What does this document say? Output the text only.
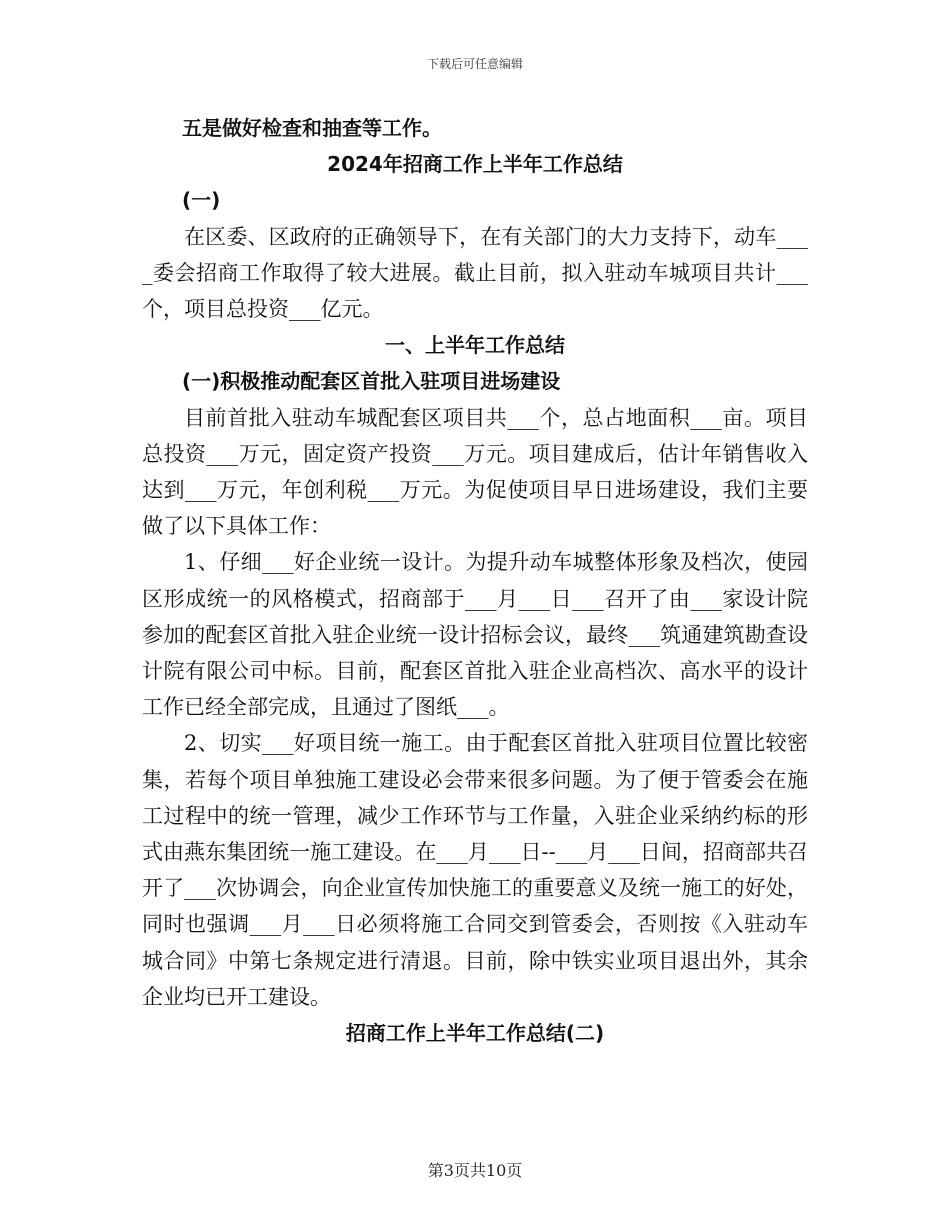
下载后可任意编辑

五是做好检查和抽查等工作。

2024年招商工作上半年工作总结

(一)

在区委、区政府的正确领导下，在有关部门的大力支持下，动车____委会招商工作取得了较大进展。截止目前，拟入驻动车城项目共计___个，项目总投资___亿元。

一、上半年工作总结

(一)积极推动配套区首批入驻项目进场建设

目前首批入驻动车城配套区项目共___个，总占地面积___亩。项目总投资___万元，固定资产投资___万元。项目建成后，估计年销售收入达到___万元，年创利税___万元。为促使项目早日进场建设，我们主要做了以下具体工作：

1、仔细___好企业统一设计。为提升动车城整体形象及档次，使园区形成统一的风格模式，招商部于___月___日___召开了由___家设计院参加的配套区首批入驻企业统一设计招标会议，最终___筑通建筑勘查设计院有限公司中标。目前，配套区首批入驻企业高档次、高水平的设计工作已经全部完成，且通过了图纸___。

2、切实___好项目统一施工。由于配套区首批入驻项目位置比较密集，若每个项目单独施工建设必会带来很多问题。为了便于管委会在施工过程中的统一管理，减少工作环节与工作量，入驻企业采纳约标的形式由燕东集团统一施工建设。在___月___日--___月___日间，招商部共召开了___次协调会，向企业宣传加快施工的重要意义及统一施工的好处，同时也强调___月___日必须将施工合同交到管委会，否则按《入驻动车城合同》中第七条规定进行清退。目前，除中铁实业项目退出外，其余企业均已开工建设。

招商工作上半年工作总结(二)

第3页共10页
